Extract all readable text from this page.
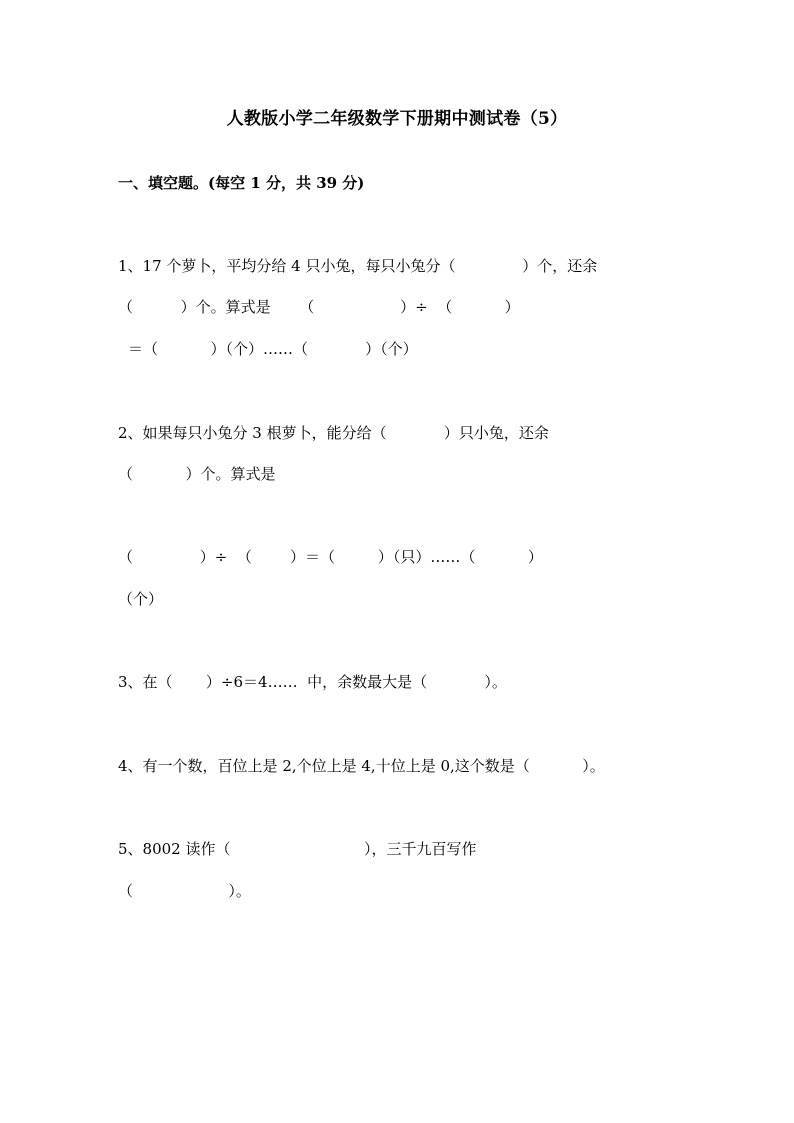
人教版小学二年级数学下册期中测试卷（5）
一、填空题。(每空 1 分，共 39 分)
1、17 个萝卜，平均分给 4 只小兔，每只小兔分（              ）个，还余
（          ）个。算式是      （                  ）÷  （           ）
＝（           ）（个）……（            ）（个）
2、如果每只小兔分 3 根萝卜，能分给（            ）只小兔，还余
（           ）个。算式是
（              ）÷  （        ）＝（         ）（只）……（           ）
（个）
3、在（       ）÷6＝4……  中，余数最大是（            ）。
4、有一个数，百位上是 2,个位上是 4,十位上是 0,这个数是（           ）。
5、8002 读作（                            ），三千九百写作
（                    ）。
